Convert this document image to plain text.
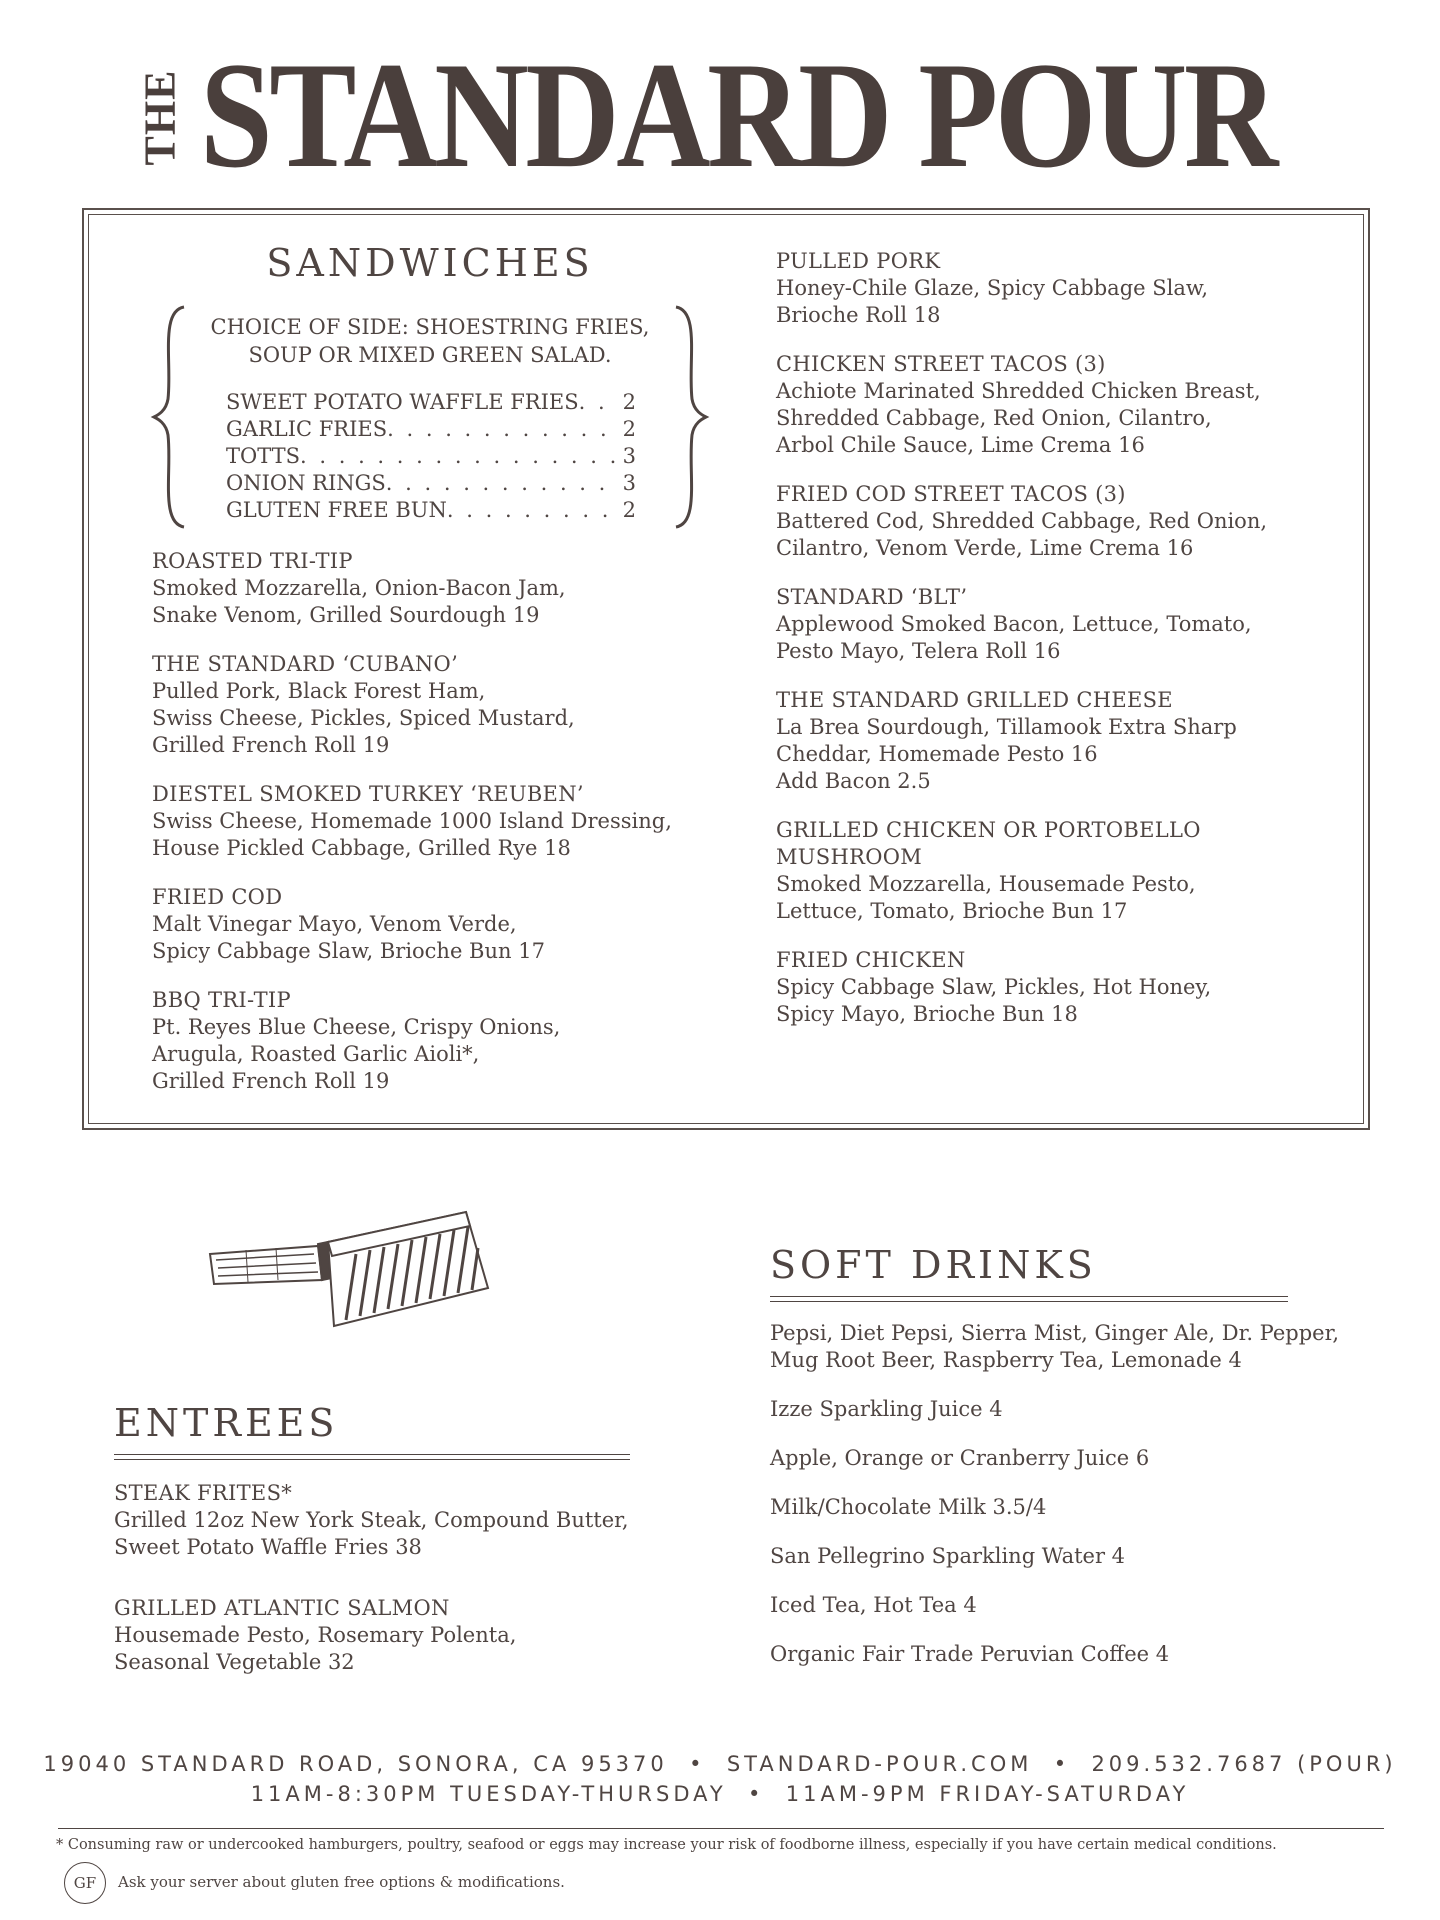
THE STANDARD POUR
SANDWICHES
CHOICE OF SIDE: SHOESTRING FRIES,
SOUP OR MIXED GREEN SALAD.
SWEET POTATO WAFFLE FRIES . . . 2
GARLIC FRIES . . .	2
TOTTS . . .	3
ONION RINGS . . .	3
GLUTEN FREE BUN . . .	2
ROASTED TRI-TIP
Smoked Mozzarella, Onion-Bacon Jam,
Snake Venom, Grilled Sourdough 19
THE STANDARD ‘CUBANO’
Pulled Pork, Black Forest Ham,
Swiss Cheese, Pickles, Spiced Mustard,
Grilled French Roll 19
DIESTEL SMOKED TURKEY ‘REUBEN’
Swiss Cheese, Homemade 1000 Island Dressing,
House Pickled Cabbage, Grilled Rye 18
FRIED COD
Malt Vinegar Mayo, Venom Verde,
Spicy Cabbage Slaw, Brioche Bun 17
BBQ TRI-TIP
Pt. Reyes Blue Cheese, Crispy Onions,
Arugula, Roasted Garlic Aioli*,
Grilled French Roll 19
PULLED PORK
Honey-Chile Glaze, Spicy Cabbage Slaw,
Brioche Roll 18
CHICKEN STREET TACOS (3)
Achiote Marinated Shredded Chicken Breast,
Shredded Cabbage, Red Onion, Cilantro,
Arbol Chile Sauce, Lime Crema 16
FRIED COD STREET TACOS (3)
Battered Cod, Shredded Cabbage, Red Onion,
Cilantro, Venom Verde, Lime Crema 16
STANDARD ‘BLT’
Applewood Smoked Bacon, Lettuce, Tomato,
Pesto Mayo, Telera Roll 16
THE STANDARD GRILLED CHEESE
La Brea Sourdough, Tillamook Extra Sharp
Cheddar, Homemade Pesto 16
Add Bacon 2.5
GRILLED CHICKEN OR PORTOBELLO
MUSHROOM
Smoked Mozzarella, Housemade Pesto,
Lettuce, Tomato, Brioche Bun 17
FRIED CHICKEN
Spicy Cabbage Slaw, Pickles, Hot Honey,
Spicy Mayo, Brioche Bun 18
ENTREES
STEAK FRITES*
Grilled 12oz New York Steak, Compound Butter,
Sweet Potato Waffle Fries 38
GRILLED ATLANTIC SALMON
Housemade Pesto, Rosemary Polenta,
Seasonal Vegetable 32
SOFT DRINKS
Pepsi, Diet Pepsi, Sierra Mist, Ginger Ale, Dr. Pepper,
Mug Root Beer, Raspberry Tea, Lemonade 4
Izze Sparkling Juice 4
Apple, Orange or Cranberry Juice 6
Milk/Chocolate Milk 3.5/4
San Pellegrino Sparkling Water 4
Iced Tea, Hot Tea 4
Organic Fair Trade Peruvian Coffee 4
19040 STANDARD ROAD, SONORA, CA 95370  •  STANDARD-POUR.COM  •  209.532.7687 (POUR)
11AM-8:30PM TUESDAY-THURSDAY  •  11AM-9PM FRIDAY-SATURDAY
* Consuming raw or undercooked hamburgers, poultry, seafood or eggs may increase your risk of foodborne illness, especially if you have certain medical conditions.
GF	Ask your server about gluten free options & modifications.
